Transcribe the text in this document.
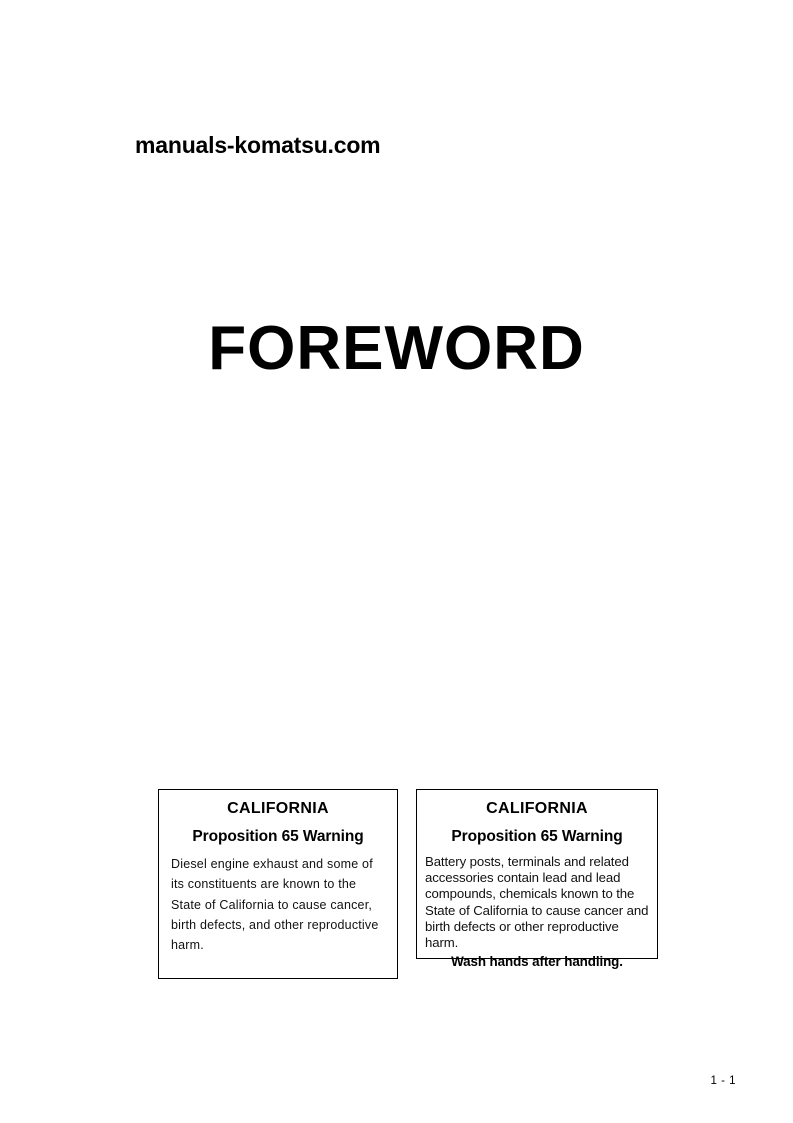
manuals-komatsu.com
FOREWORD
CALIFORNIA
Proposition 65 Warning
Diesel engine exhaust and some of its constituents are known to the State of California to cause cancer, birth defects, and other reproductive harm.
CALIFORNIA
Proposition 65 Warning
Battery posts, terminals and related accessories contain lead and lead compounds, chemicals known to the State of California to cause cancer and birth defects or other reproductive harm.
Wash hands after handling.
1 - 1
